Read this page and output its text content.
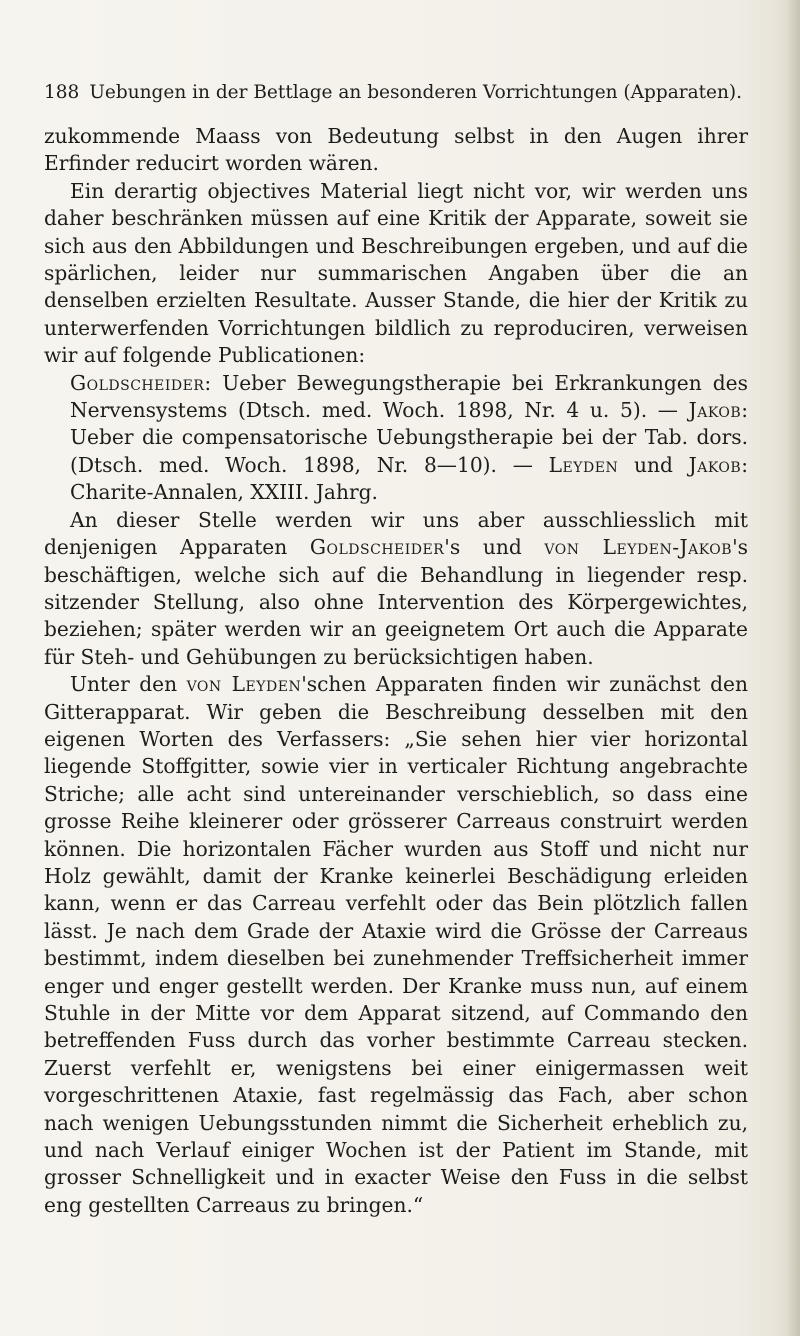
188 Uebungen in der Bettlage an besonderen Vorrichtungen (Apparaten).

zukommende Maass von Bedeutung selbst in den Augen ihrer Erfinder reducirt worden wären.

Ein derartig objectives Material liegt nicht vor, wir werden uns daher beschränken müssen auf eine Kritik der Apparate, soweit sie sich aus den Abbildungen und Beschreibungen ergeben, und auf die spärlichen, leider nur summarischen Angaben über die an denselben erzielten Resultate. Ausser Stande, die hier der Kritik zu unterwerfenden Vorrichtungen bildlich zu reproduciren, verweisen wir auf folgende Publicationen:

Goldscheider: Ueber Bewegungstherapie bei Erkrankungen des Nervensystems (Dtsch. med. Woch. 1898, Nr. 4 u. 5). — Jakob: Ueber die compensatorische Uebungstherapie bei der Tab. dors. (Dtsch. med. Woch. 1898, Nr. 8—10). — Leyden und Jakob: Charite-Annalen, XXIII. Jahrg.

An dieser Stelle werden wir uns aber ausschliesslich mit denjenigen Apparaten Goldscheider's und von Leyden-Jakob's beschäftigen, welche sich auf die Behandlung in liegender resp. sitzender Stellung, also ohne Intervention des Körpergewichtes, beziehen; später werden wir an geeignetem Ort auch die Apparate für Steh- und Gehübungen zu berücksichtigen haben.

Unter den von Leyden'schen Apparaten finden wir zunächst den Gitterapparat. Wir geben die Beschreibung desselben mit den eigenen Worten des Verfassers: „Sie sehen hier vier horizontal liegende Stoffgitter, sowie vier in verticaler Richtung angebrachte Striche; alle acht sind untereinander verschieblich, so dass eine grosse Reihe kleinerer oder grösserer Carreaus construirt werden können. Die horizontalen Fächer wurden aus Stoff und nicht nur Holz gewählt, damit der Kranke keinerlei Beschädigung erleiden kann, wenn er das Carreau verfehlt oder das Bein plötzlich fallen lässt. Je nach dem Grade der Ataxie wird die Grösse der Carreaus bestimmt, indem dieselben bei zunehmender Treffsicherheit immer enger und enger gestellt werden. Der Kranke muss nun, auf einem Stuhle in der Mitte vor dem Apparat sitzend, auf Commando den betreffenden Fuss durch das vorher bestimmte Carreau stecken. Zuerst verfehlt er, wenigstens bei einer einigermassen weit vorgeschrittenen Ataxie, fast regelmässig das Fach, aber schon nach wenigen Uebungsstunden nimmt die Sicherheit erheblich zu, und nach Verlauf einiger Wochen ist der Patient im Stande, mit grosser Schnelligkeit und in exacter Weise den Fuss in die selbst eng gestellten Carreaus zu bringen.“
